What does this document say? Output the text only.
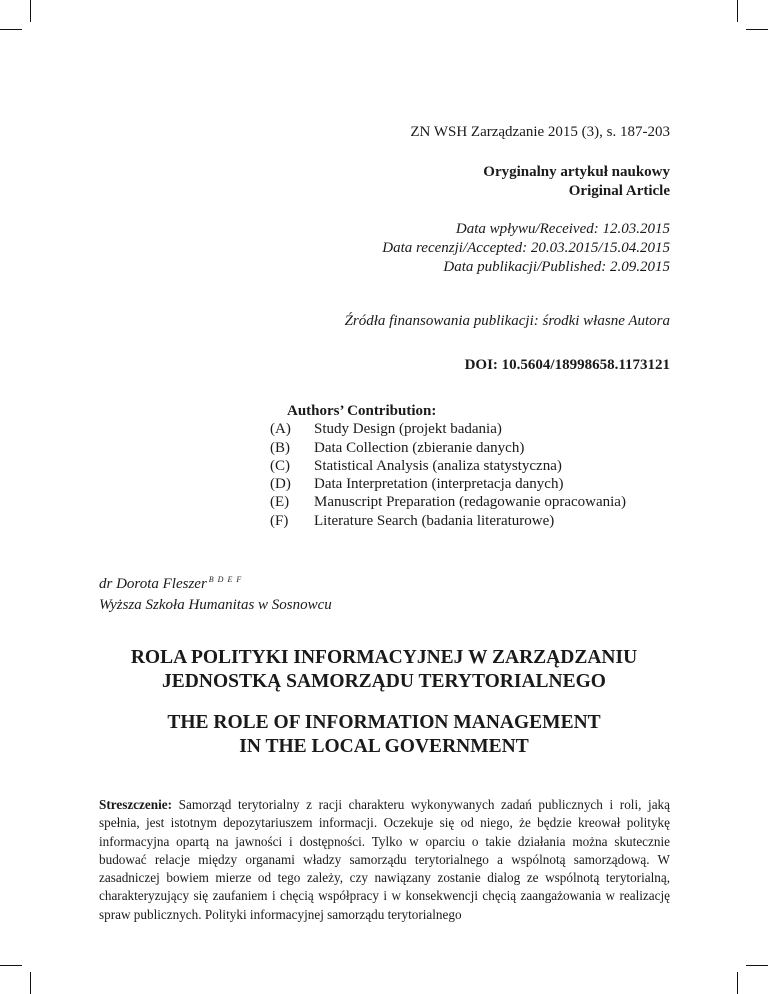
ZN WSH Zarządzanie 2015 (3), s. 187-203
Oryginalny artykuł naukowy
Original Article
Data wpływu/Received: 12.03.2015
Data recenzji/Accepted: 20.03.2015/15.04.2015
Data publikacji/Published: 2.09.2015
Źródła finansowania publikacji: środki własne Autora
DOI: 10.5604/18998658.1173121
Authors’ Contribution:
(A)	Study Design (projekt badania)
(B)	Data Collection (zbieranie danych)
(C)	Statistical Analysis (analiza statystyczna)
(D)	Data Interpretation (interpretacja danych)
(E)	Manuscript Preparation (redagowanie opracowania)
(F)	Literature Search (badania literaturowe)
dr Dorota Fleszer $^{B D E F}$
Wyższa Szkoła Humanitas w Sosnowcu
ROLA POLITYKI INFORMACYJNEJ W ZARZĄDZANIU
JEDNOSTKĄ SAMORZĄDU TERYTORIALNEGO
THE ROLE OF INFORMATION MANAGEMENT
IN THE LOCAL GOVERNMENT
Streszczenie: Samorząd terytorialny z racji charakteru wykonywanych zadań publicznych i roli, jaką spełnia, jest istotnym depozytariuszem informacji. Oczekuje się od niego, że będzie kreował politykę informacyjna opartą na jawności i dostępności. Tylko w oparciu o takie działania można skutecznie budować relacje między organami władzy samorządu terytorialnego a wspólnotą samorządową. W zasadniczej bowiem mierze od tego zależy, czy nawiązany zostanie dialog ze wspólnotą terytorialną, charakteryzujący się zaufaniem i chęcią współpracy i w konsekwencji chęcią zaangażowania w realizację spraw publicznych. Polityki informacyjnej samorządu terytorialnego
